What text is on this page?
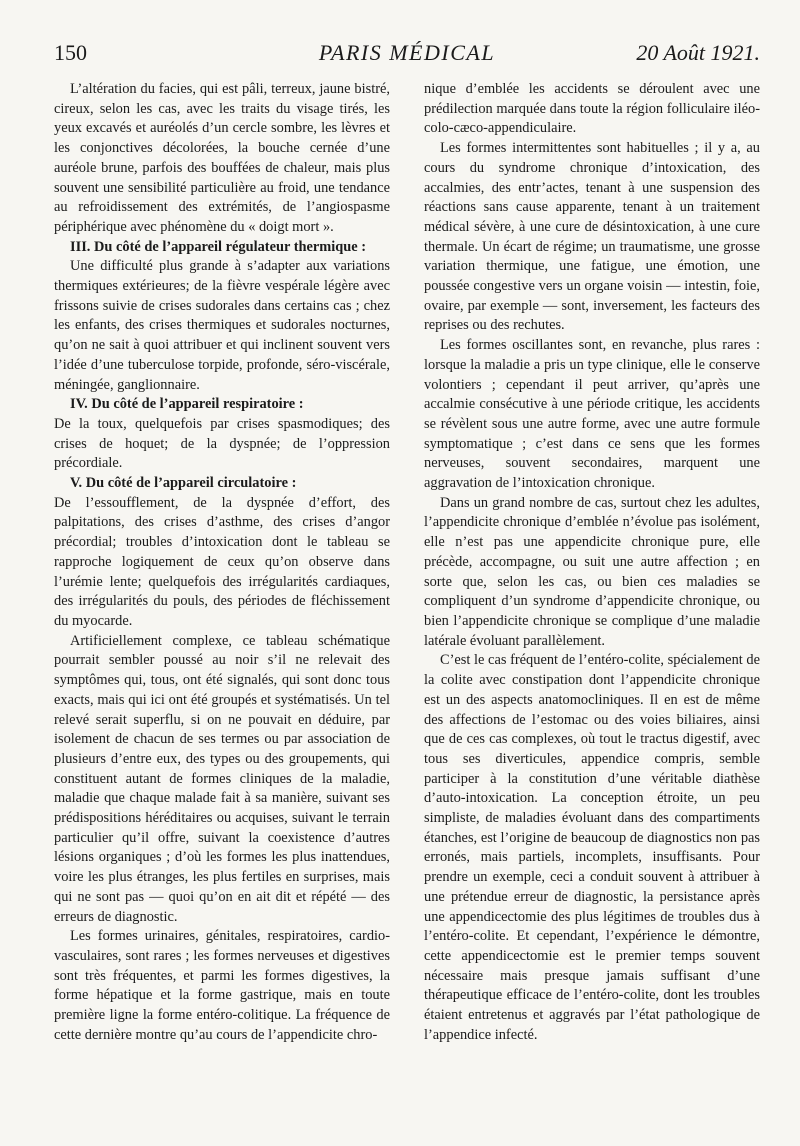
150	PARIS MÉDICAL	20 Août 1921.

L’altération du facies, qui est pâli, terreux, jaune bistré, cireux, selon les cas, avec les traits du visage tirés, les yeux excavés et auréolés d’un cercle sombre, les lèvres et les conjonctives décolorées, la bouche cernée d’une auréole brune, parfois des bouffées de chaleur, mais plus souvent une sensibilité particulière au froid, une tendance au refroidissement des extrémités, de l’angiospasme périphérique avec phénomène du « doigt mort ».

III. Du côté de l’appareil régulateur thermique :

Une difficulté plus grande à s’adapter aux variations thermiques extérieures; de la fièvre vespérale légère avec frissons suivie de crises sudorales dans certains cas ; chez les enfants, des crises thermiques et sudorales nocturnes, qu’on ne sait à quoi attribuer et qui inclinent souvent vers l’idée d’une tuberculose torpide, profonde, séro-viscérale, méningée, ganglionnaire.

IV. Du côté de l’appareil respiratoire :

De la toux, quelquefois par crises spasmodiques; des crises de hoquet; de la dyspnée; de l’oppression précordiale.

V. Du côté de l’appareil circulatoire :

De l’essoufflement, de la dyspnée d’effort, des palpitations, des crises d’asthme, des crises d’angor précordial; troubles d’intoxication dont le tableau se rapproche logiquement de ceux qu’on observe dans l’urémie lente; quelquefois des irrégularités cardiaques, des irrégularités du pouls, des périodes de fléchissement du myocarde.

Artificiellement complexe, ce tableau schématique pourrait sembler poussé au noir s’il ne relevait des symptômes qui, tous, ont été signalés, qui sont donc tous exacts, mais qui ici ont été groupés et systématisés. Un tel relevé serait superflu, si on ne pouvait en déduire, par isolement de chacun de ses termes ou par association de plusieurs d’entre eux, des types ou des groupements, qui constituent autant de formes cliniques de la maladie, maladie que chaque malade fait à sa manière, suivant ses prédispositions héréditaires ou acquises, suivant le terrain particulier qu’il offre, suivant la coexistence d’autres lésions organiques ; d’où les formes les plus inattendues, voire les plus étranges, les plus fertiles en surprises, mais qui ne sont pas — quoi qu’on en ait dit et répété — des erreurs de diagnostic.

Les formes urinaires, génitales, respiratoires, cardio-vasculaires, sont rares ; les formes nerveuses et digestives sont très fréquentes, et parmi les formes digestives, la forme hépatique et la forme gastrique, mais en toute première ligne la forme entéro-colitique. La fréquence de cette dernière montre qu’au cours de l’appendicite chro-

nique d’emblée les accidents se déroulent avec une prédilection marquée dans toute la région folliculaire iléo-colo-cæco-appendiculaire.

Les formes intermittentes sont habituelles ; il y a, au cours du syndrome chronique d’intoxication, des accalmies, des entr’actes, tenant à une suspension des réactions sans cause apparente, tenant à un traitement médical sévère, à une cure de désintoxication, à une cure thermale. Un écart de régime; un traumatisme, une grosse variation thermique, une fatigue, une émotion, une poussée congestive vers un organe voisin — intestin, foie, ovaire, par exemple — sont, inversement, les facteurs des reprises ou des rechutes.

Les formes oscillantes sont, en revanche, plus rares : lorsque la maladie a pris un type clinique, elle le conserve volontiers ; cependant il peut arriver, qu’après une accalmie consécutive à une période critique, les accidents se révèlent sous une autre forme, avec une autre formule symptomatique ; c’est dans ce sens que les formes nerveuses, souvent secondaires, marquent une aggravation de l’intoxication chronique.

Dans un grand nombre de cas, surtout chez les adultes, l’appendicite chronique d’emblée n’évolue pas isolément, elle n’est pas une appendicite chronique pure, elle précède, accompagne, ou suit une autre affection ; en sorte que, selon les cas, ou bien ces maladies se compliquent d’un syndrome d’appendicite chronique, ou bien l’appendicite chronique se complique d’une maladie latérale évoluant parallèlement.

C’est le cas fréquent de l’entéro-colite, spécialement de la colite avec constipation dont l’appendicite chronique est un des aspects anatomocliniques. Il en est de même des affections de l’estomac ou des voies biliaires, ainsi que de ces cas complexes, où tout le tractus digestif, avec tous ses diverticules, appendice compris, semble participer à la constitution d’une véritable diathèse d’auto-intoxication. La conception étroite, un peu simpliste, de maladies évoluant dans des compartiments étanches, est l’origine de beaucoup de diagnostics non pas erronés, mais partiels, incomplets, insuffisants. Pour prendre un exemple, ceci a conduit souvent à attribuer à une prétendue erreur de diagnostic, la persistance après une appendicectomie des plus légitimes de troubles dus à l’entéro-colite. Et cependant, l’expérience le démontre, cette appendicectomie est le premier temps souvent nécessaire mais presque jamais suffisant d’une thérapeutique efficace de l’entéro-colite, dont les troubles étaient entretenus et aggravés par l’état pathologique de l’appendice infecté.
